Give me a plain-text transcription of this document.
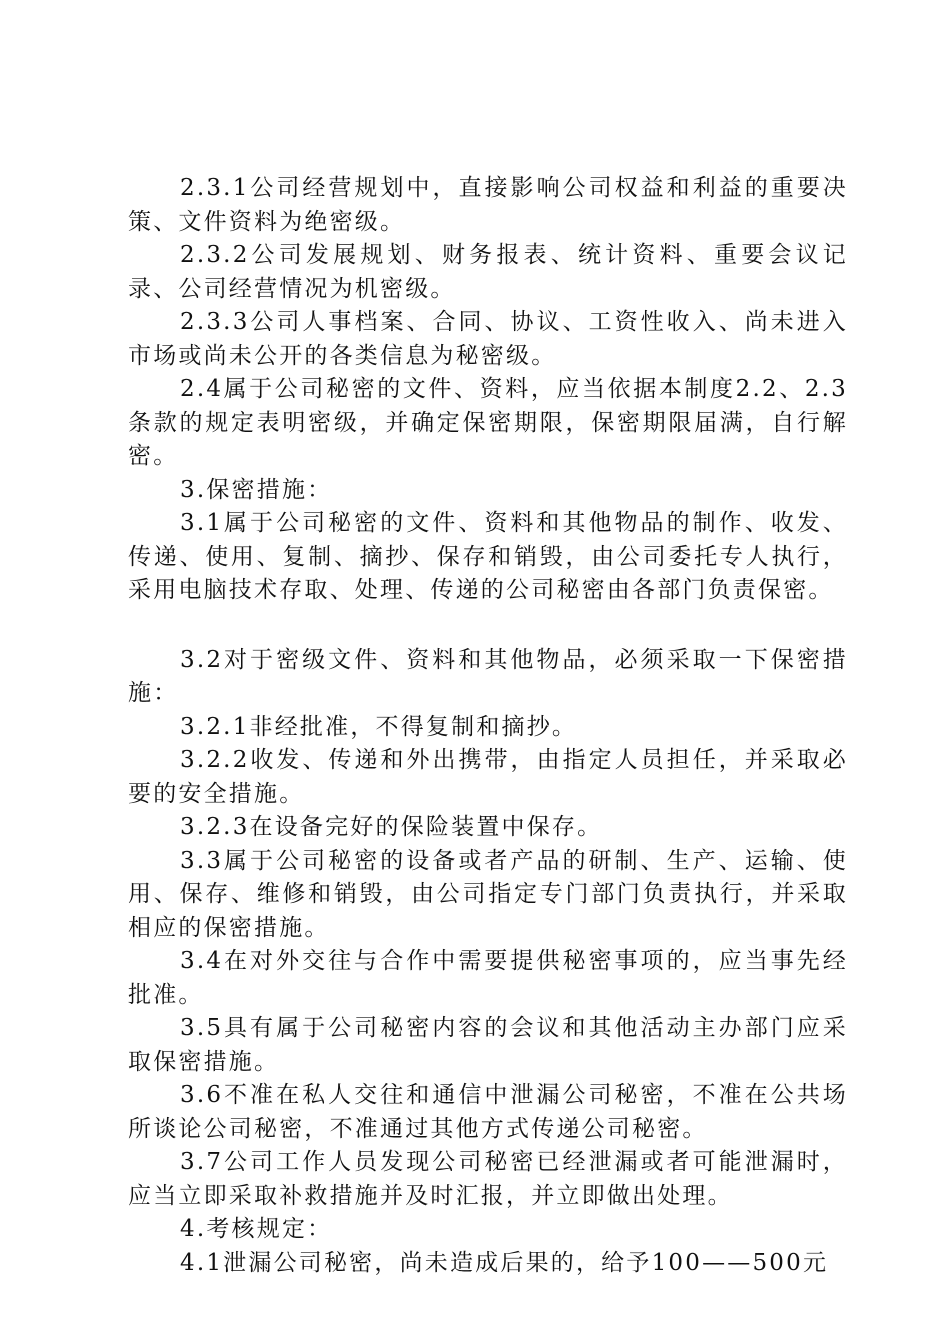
2.3.1公司经营规划中，直接影响公司权益和利益的重要决策、文件资料为绝密级。

2.3.2公司发展规划、财务报表、统计资料、重要会议记录、公司经营情况为机密级。

2.3.3公司人事档案、合同、协议、工资性收入、尚未进入市场或尚未公开的各类信息为秘密级。

2.4属于公司秘密的文件、资料，应当依据本制度2.2、2.3条款的规定表明密级，并确定保密期限，保密期限届满，自行解密。

3.保密措施：

3.1属于公司秘密的文件、资料和其他物品的制作、收发、传递、使用、复制、摘抄、保存和销毁，由公司委托专人执行，采用电脑技术存取、处理、传递的公司秘密由各部门负责保密。

3.2对于密级文件、资料和其他物品，必须采取一下保密措施：

3.2.1非经批准，不得复制和摘抄。

3.2.2收发、传递和外出携带，由指定人员担任，并采取必要的安全措施。

3.2.3在设备完好的保险装置中保存。

3.3属于公司秘密的设备或者产品的研制、生产、运输、使用、保存、维修和销毁，由公司指定专门部门负责执行，并采取相应的保密措施。

3.4在对外交往与合作中需要提供秘密事项的，应当事先经批准。

3.5具有属于公司秘密内容的会议和其他活动主办部门应采取保密措施。

3.6不准在私人交往和通信中泄漏公司秘密，不准在公共场所谈论公司秘密，不准通过其他方式传递公司秘密。

3.7公司工作人员发现公司秘密已经泄漏或者可能泄漏时，应当立即采取补救措施并及时汇报，并立即做出处理。

4.考核规定：

4.1泄漏公司秘密，尚未造成后果的，给予100——500元
